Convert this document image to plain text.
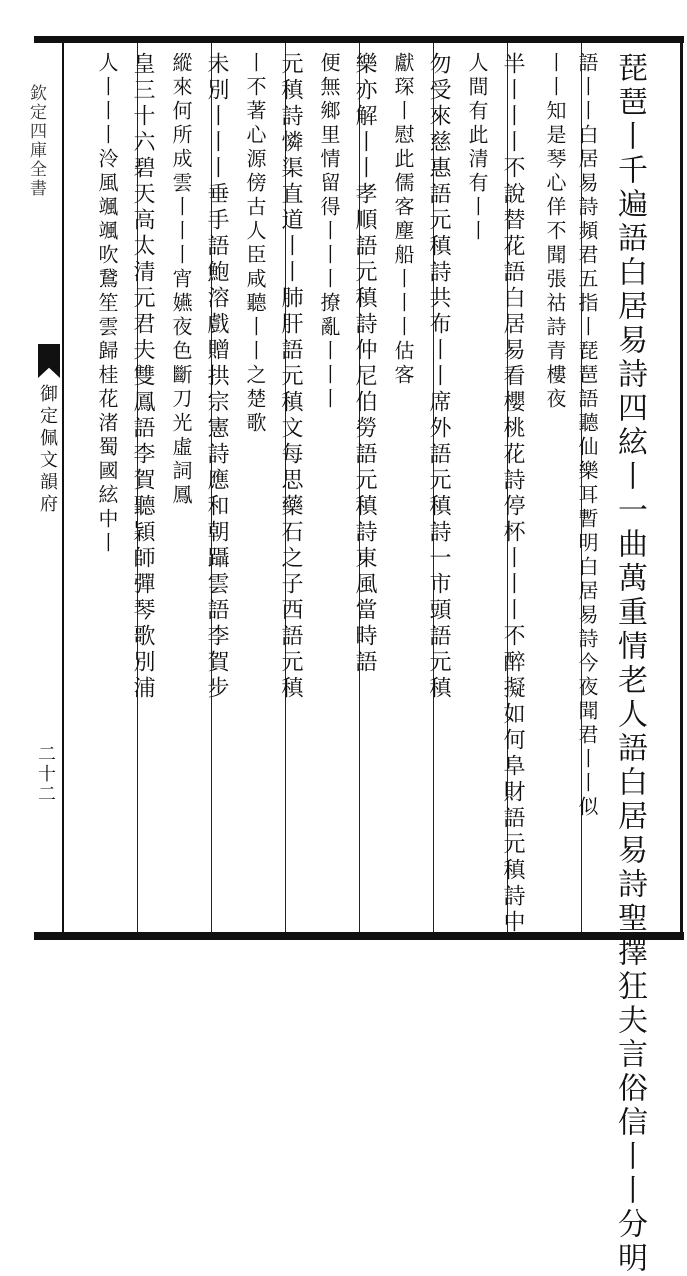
欽定四庫全書
御定佩文韻府
二十二	琵琶丨千遍語白居易詩四絃丨一曲萬重情老人語白居易詩聖擇狂夫言俗信丨丨分明
語丨丨白居易詩頻君五指丨琵琶語聽仙樂耳暫明白居易詩今夜聞君丨丨似
丨丨知是琴心佯不聞張祜詩青樓夜
半丨丨丨不說替花語白居易看櫻桃花詩停杯丨丨丨不醉擬如何阜財語元稹詩中
人間有此清有丨丨
勿受來慈惠語元稹詩共布丨丨席外語元稹詩一市頭語元稹
獻琛丨慰此儒客塵船丨丨丨估客
樂亦解丨丨孝順語元稹詩仲尼伯勞語元稹詩東風當時語
便無鄉里情留得丨丨丨撩亂丨丨丨
元稹詩憐渠直道丨丨肺肝語元稹文每思藥石之子西語元稹
丨不著心源傍古人臣咸聽丨丨之楚歌
未別丨丨丨垂手語鮑溶戲贈拱宗憲詩應和朝躡雲語李賀步
縱來何所成雲丨丨丨宵嬿夜色斷刀光虛詞鳳
皇三十六碧天高太清元君夫雙鳳語李賀聽穎師彈琴歌別浦
人丨丨丨泠風颯颯吹鵞笙雲歸桂花渚蜀國絃中丨
